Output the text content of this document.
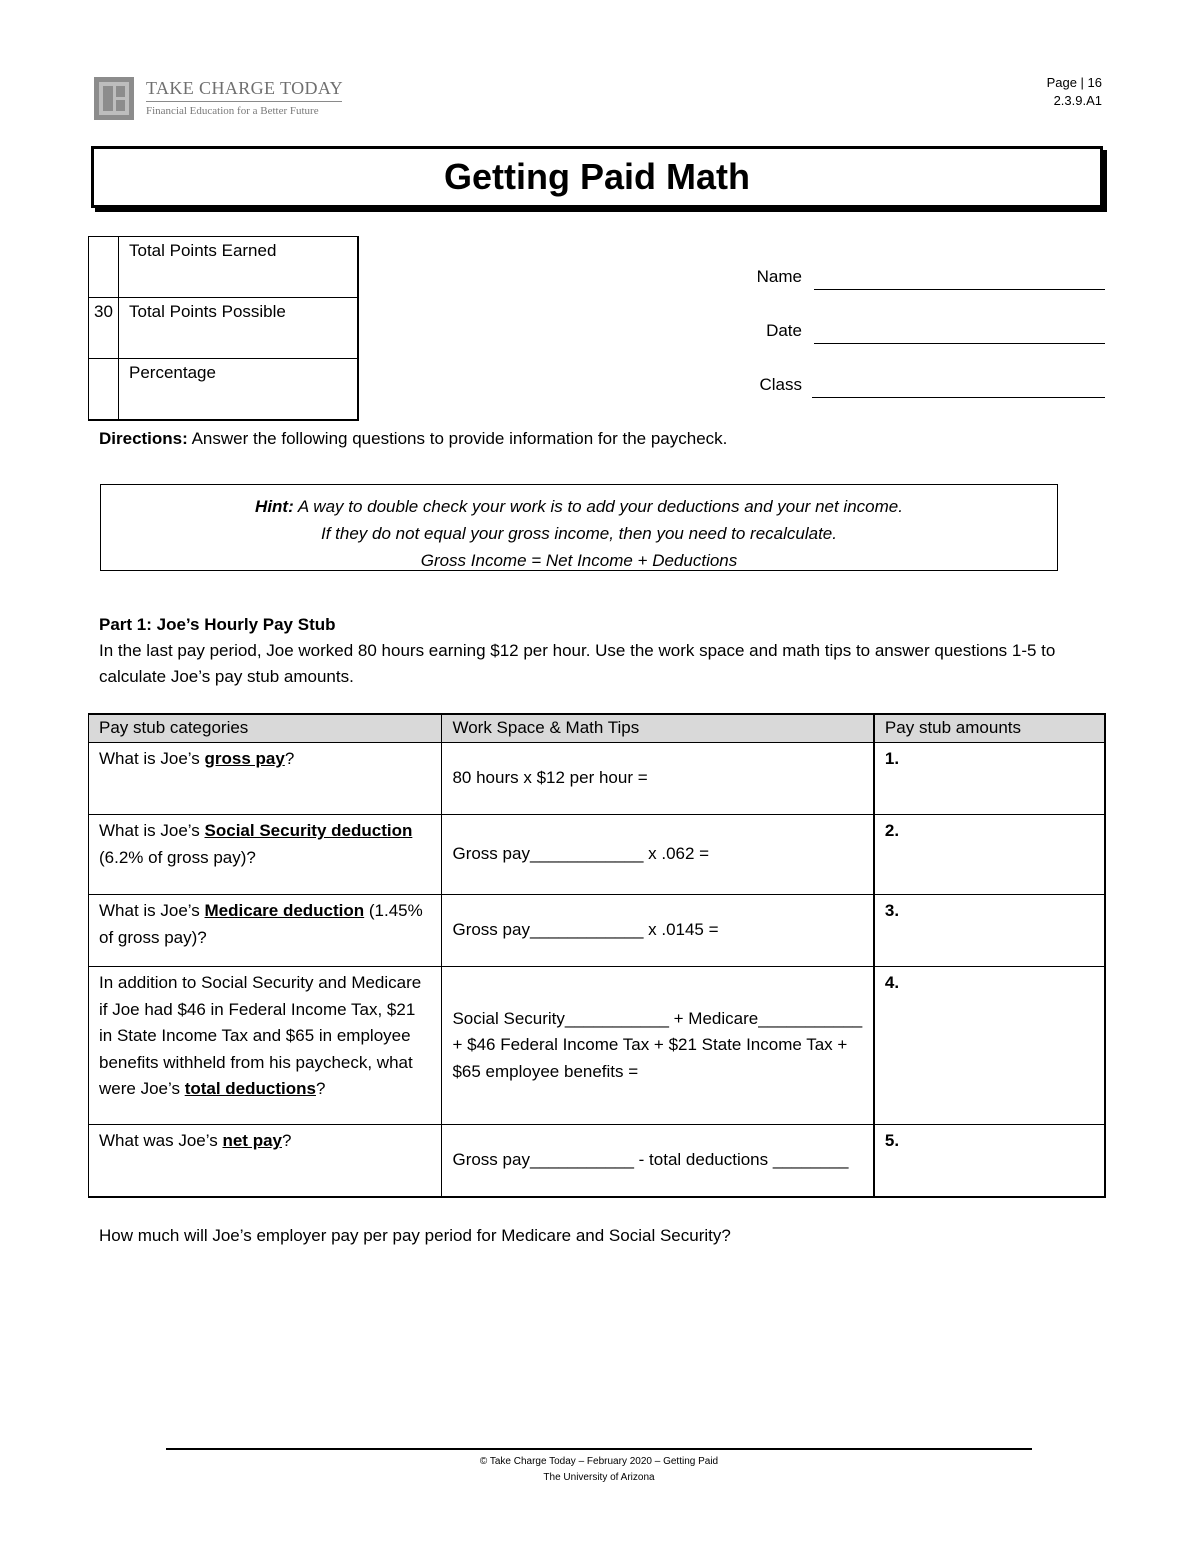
TAKE CHARGE TODAY
Financial Education for a Better Future
Page | 16
2.3.9.A1
Getting Paid Math
	Total Points Earned
30	Total Points Possible
	Percentage
Name
Date
Class
Directions: Answer the following questions to provide information for the paycheck.
Hint: A way to double check your work is to add your deductions and your net income.
If they do not equal your gross income, then you need to recalculate.
Gross Income = Net Income + Deductions
Part 1: Joe’s Hourly Pay Stub
In the last pay period, Joe worked 80 hours earning $12 per hour. Use the work space and math tips to answer questions 1-5 to calculate Joe’s pay stub amounts.
Pay stub categories	Work Space & Math Tips	Pay stub amounts
What is Joe’s gross pay?	80 hours x $12 per hour =	1.
What is Joe’s Social Security deduction (6.2% of gross pay)?	Gross pay____________ x .062 =	2.
What is Joe’s Medicare deduction (1.45% of gross pay)?	Gross pay____________ x .0145 =	3.
In addition to Social Security and Medicare if Joe had $46 in Federal Income Tax, $21 in State Income Tax and $65 in employee benefits withheld from his paycheck, what were Joe’s total deductions?	Social Security___________ + Medicare___________ + $46 Federal Income Tax + $21 State Income Tax + $65 employee benefits =	4.
What was Joe’s net pay?	Gross pay___________ - total deductions ________	5.
How much will Joe’s employer pay per pay period for Medicare and Social Security?
© Take Charge Today – February 2020 – Getting Paid
The University of Arizona
